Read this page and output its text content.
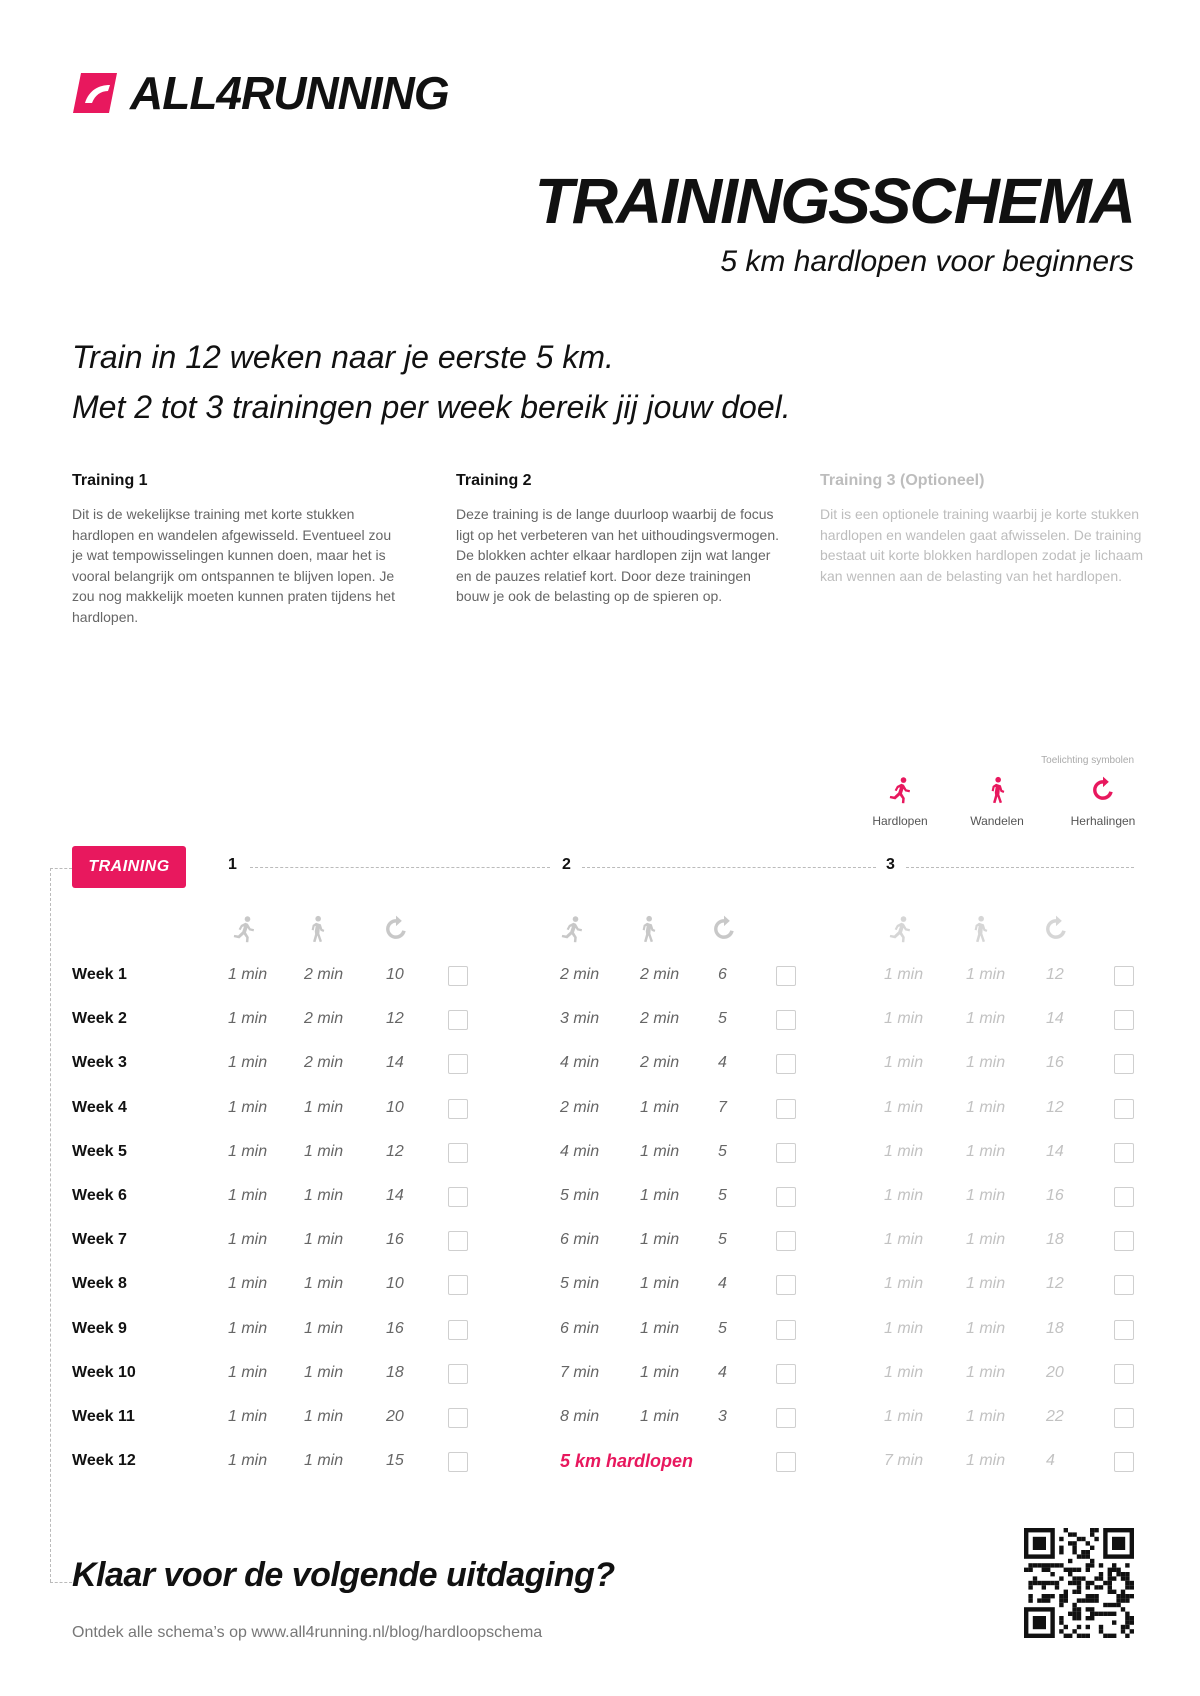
ALL4RUNNING
TRAININGSSCHEMA
5 km hardlopen voor beginners
Train in 12 weken naar je eerste 5 km.
Met 2 tot 3 trainingen per week bereik jij jouw doel.
Training 1

Dit is de wekelijkse training met korte stukken hardlopen en wandelen afgewisseld. Eventueel zou je wat tempowisselingen kunnen doen, maar het is vooral belangrijk om ontspannen te blijven lopen. Je zou nog makkelijk moeten kunnen praten tijdens het hardlopen.

Training 2

Deze training is de lange duurloop waarbij de focus ligt op het verbeteren van het uithoudingsvermogen. De blokken achter elkaar hardlopen zijn wat langer en de pauzes relatief kort. Door deze trainingen bouw je ook de belasting op de spieren op.

Training 3 (Optioneel)

Dit is een optionele training waarbij je korte stukken hardlopen en wandelen gaat afwisselen. De training bestaat uit korte blokken hardlopen zodat je lichaam kan wennen aan de belasting van het hardlopen.

Toelichting symbolen
Hardlopen	Wandelen	Herhalingen
TRAINING	1	2	3
Week 1	1 min 2 min	10	2 min	2 min 6	1 min	1 min	12
Week 2	1 min 2 min	12	3 min	2 min 5	1 min	1 min	14
Week 3	1 min 2 min	14	4 min	2 min 4	1 min	1 min	16
Week 4	1 min 1 min	10	2 min	1 min 7	1 min	1 min	12
Week 5	1 min 1 min	12	4 min	1 min 5	1 min	1 min	14
Week 6	1 min 1 min	14	5 min	1 min 5	1 min	1 min	16
Week 7	1 min 1 min	16	6 min	1 min 5	1 min	1 min	18
Week 8	1 min 1 min	10	5 min	1 min 4	1 min	1 min	12
Week 9	1 min 1 min	16	6 min	1 min 5	1 min	1 min	18
Week 10	1 min 1 min	18	7 min	1 min 4	1 min	1 min	20
Week 11	1 min 1 min	20	8 min	1 min 3	1 min	1 min	22
Week 12	1 min 1 min	15	5 km hardlopen	7 min	1 min	4
Klaar voor de volgende uitdaging?
Ontdek alle schema’s op www.all4running.nl/blog/hardloopschema
